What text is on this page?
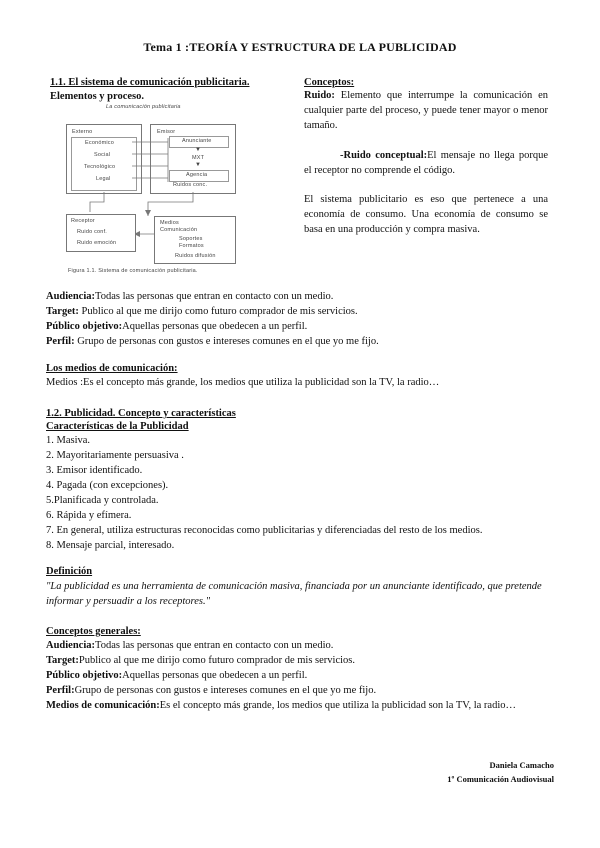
Tema 1 :TEORÍA Y ESTRUCTURA DE LA PUBLICIDAD
1.1. El sistema de comunicación publicitaria.
Elementos y proceso.
La comunicación publicitaria
Externo
Económico
Social
Tecnológico
Legal
Emisor
Anunciante
▼
MXT
▼
Agencia
Ruidos conc.
Receptor
Ruido conf.
Ruido emoción
Medios
Comunicación
Soportes
Formatos
Ruidos difusión
Figura 1.1. Sistema de comunicación publicitaria.
Conceptos:
Ruido: Elemento que interrumpe la comunicación en cualquier parte del proceso, y puede tener mayor o menor tamaño.
-Ruido conceptual:El mensaje no llega porque el receptor no comprende el código.
El sistema publicitario es eso que pertenece a una economía de consumo. Una economía de consumo se basa en una producción y compra masiva.
Audiencia:Todas las personas que entran en contacto con un medio.
Target: Publico al que me dirijo como futuro comprador de mis servicios.
Público objetivo:Aquellas personas que obedecen a un perfil.
Perfil: Grupo de personas con gustos e intereses comunes en el que yo me fijo.
Los medios de comunicación:
Medios :Es el concepto más grande, los medios que utiliza la publicidad son la TV, la radio…
1.2. Publicidad. Concepto y características
Características de la Publicidad
1. Masiva.
2. Mayoritariamente persuasiva .
3. Emisor identificado.
4. Pagada (con excepciones).
5.Planificada y controlada.
6. Rápida y efímera.
7. En general, utiliza estructuras reconocidas como publicitarias y diferenciadas del resto de los medios.
8. Mensaje parcial, interesado.
Definición
"La publicidad es una herramienta de comunicación masiva, financiada por un anunciante identificado, que pretende informar y persuadir a los receptores."
Conceptos generales:
Audiencia:Todas las personas que entran en contacto con un medio.
Target:Publico al que me dirijo como futuro comprador de mis servicios.
Público objetivo:Aquellas personas que obedecen a un perfil.
Perfil:Grupo de personas con gustos e intereses comunes en el que yo me fijo.
Medios de comunicación:Es el concepto más grande, los medios que utiliza la publicidad son la TV, la radio…
Daniela Camacho
1º Comunicación Audiovisual
